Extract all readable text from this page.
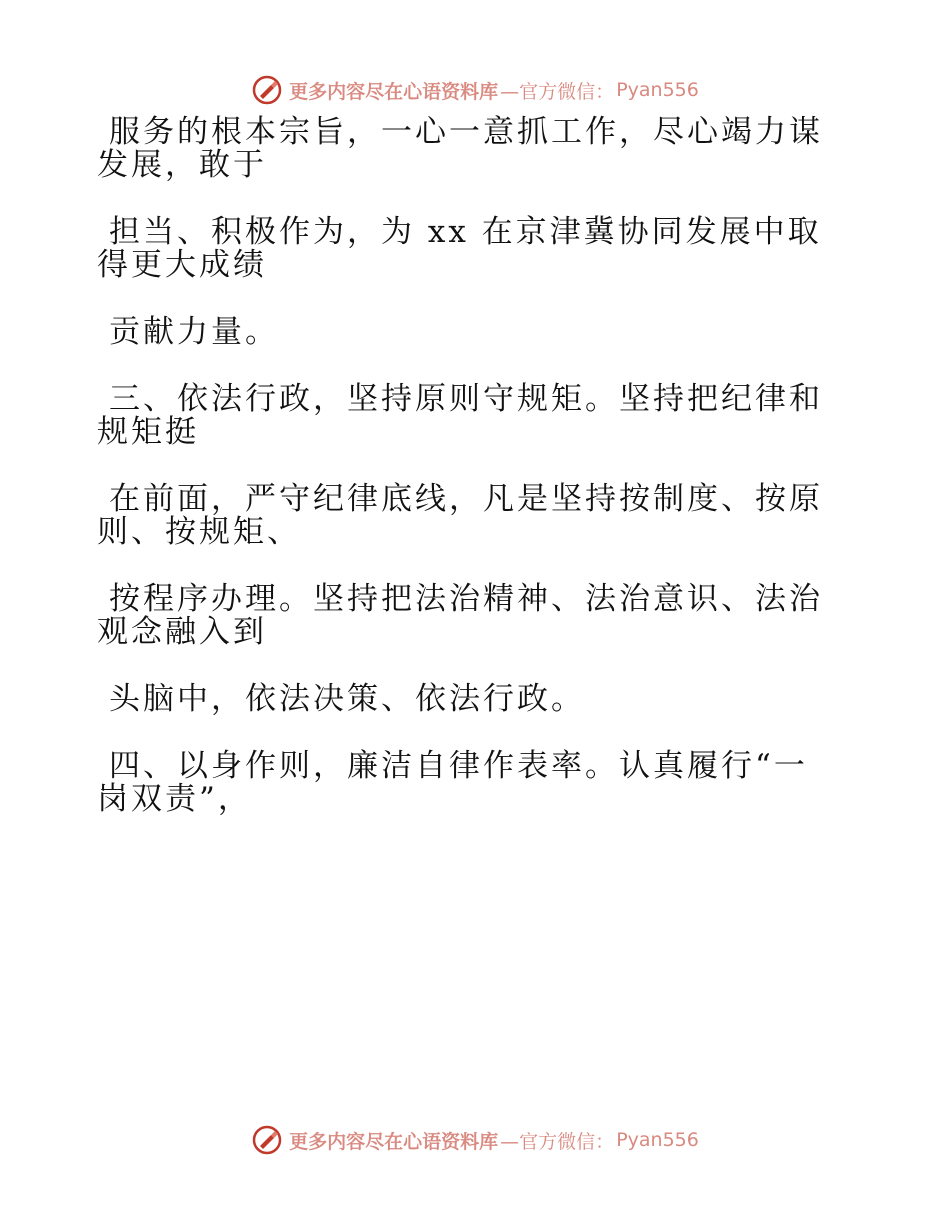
更多内容尽在心语资料库 —官方微信： Pyan556

服务的根本宗旨，一心一意抓工作，尽心竭力谋发展，敢于

担当、积极作为，为 xx 在京津冀协同发展中取得更大成绩

贡献力量。

三、依法行政，坚持原则守规矩。坚持把纪律和规矩挺

在前面，严守纪律底线，凡是坚持按制度、按原则、按规矩、

按程序办理。坚持把法治精神、法治意识、法治观念融入到

头脑中，依法决策、依法行政。

四、以身作则，廉洁自律作表率。认真履行“一岗双责”，

更多内容尽在心语资料库 —官方微信： Pyan556
